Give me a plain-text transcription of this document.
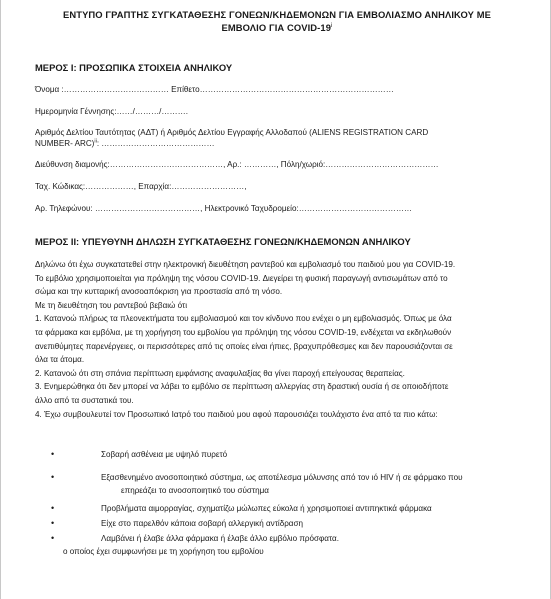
ΕΝΤΥΠΟ ΓΡΑΠΤΗΣ ΣΥΓΚΑΤΑΘΕΣΗΣ ΓΟΝΕΩΝ/ΚΗΔΕΜΟΝΩΝ ΓΙΑ ΕΜΒΟΛΙΑΣΜΟ ΑΝΗΛΙΚΟΥ ΜΕ
ΕΜΒΟΛΙΟ ΓΙΑ COVID-19$^i$
ΜΕΡΟΣ Ι: ΠΡΟΣΩΠΙΚΑ ΣΤΟΙΧΕΙΑ ΑΝΗΛΙΚΟΥ
Όνομα :………………………………… Επίθετο………………………………………………………………
Ημερομηνία Γέννησης:……/………/……….
Αριθμός Δελτίου Ταυτότητας (ΑΔΤ) ή Αριθμός Δελτίου Εγγραφής Αλλοδαπού (ALIENS REGISTRATION CARD
NUMBER- ARC)$^{ii}$: ……………………………………
Διεύθυνση διαμονής:……………………………………, Αρ.: …………, Πόλη/χωριό:……………………………………
Ταχ. Κώδικας:………………, Επαρχία:………………………,
Αρ. Τηλεφώνου: …………………………………, Ηλεκτρονικό Ταχυδρομείο:……………………………………
ΜΕΡΟΣ ΙΙ: ΥΠΕΥΘΥΝΗ ΔΗΛΩΣΗ ΣΥΓΚΑΤΑΘΕΣΗΣ ΓΟΝΕΩΝ/ΚΗΔΕΜΟΝΩΝ ΑΝΗΛΙΚΟΥ
Δηλώνω ότι έχω συγκατατεθεί στην ηλεκτρονική διευθέτηση ραντεβού και εμβολιασμό του παιδιού μου για COVID-19.
Το εμβόλιο χρησιμοποιείται για πρόληψη της νόσου COVID-19. Διεγείρει τη φυσική παραγωγή αντισωμάτων από το
σώμα και την κυτταρική ανοσοαπόκριση για προστασία από τη νόσο.
Με τη διευθέτηση του ραντεβού βεβαιώ ότι
1. Κατανοώ πλήρως τα πλεονεκτήματα του εμβολιασμού και τον κίνδυνο που ενέχει ο μη εμβολιασμός. Όπως με όλα
τα φάρμακα και εμβόλια, με τη χορήγηση του εμβολίου για πρόληψη της νόσου COVID-19, ενδέχεται να εκδηλωθούν
ανεπιθύμητες παρενέργειες, οι περισσότερες από τις οποίες είναι ήπιες, βραχυπρόθεσμες και δεν παρουσιάζονται σε
όλα τα άτομα.
2. Κατανοώ ότι στη σπάνια περίπτωση εμφάνισης αναφυλαξίας θα γίνει παροχή επείγουσας θεραπείας.
3. Ενημερώθηκα ότι δεν μπορεί να λάβει το εμβόλιο σε περίπτωση αλλεργίας στη δραστική ουσία ή σε οποιοδήποτε
άλλο από τα συστατικά του.
4. Έχω συμβουλευτεί τον Προσωπικό Ιατρό του παιδιού μου αφού παρουσιάζει τουλάχιστο ένα από τα πιο κάτω:
•	Σοβαρή ασθένεια με υψηλό πυρετό
•	Εξασθενημένο ανοσοποιητικό σύστημα, ως αποτέλεσμα μόλυνσης από τον ιό HIV ή σε φάρμακο που
επηρεάζει το ανοσοποιητικό του σύστημα
•	Προβλήματα αιμορραγίας, σχηματίζω μώλωπες εύκολα ή χρησιμοποιεί αντιπηκτικά φάρμακα
•	Είχε στο παρελθόν κάποια σοβαρή αλλεργική αντίδραση
•	Λαμβάνει ή έλαβε άλλα φάρμακα ή έλαβε άλλο εμβόλιο πρόσφατα.
ο οποίος έχει συμφωνήσει με τη χορήγηση του εμβολίου
